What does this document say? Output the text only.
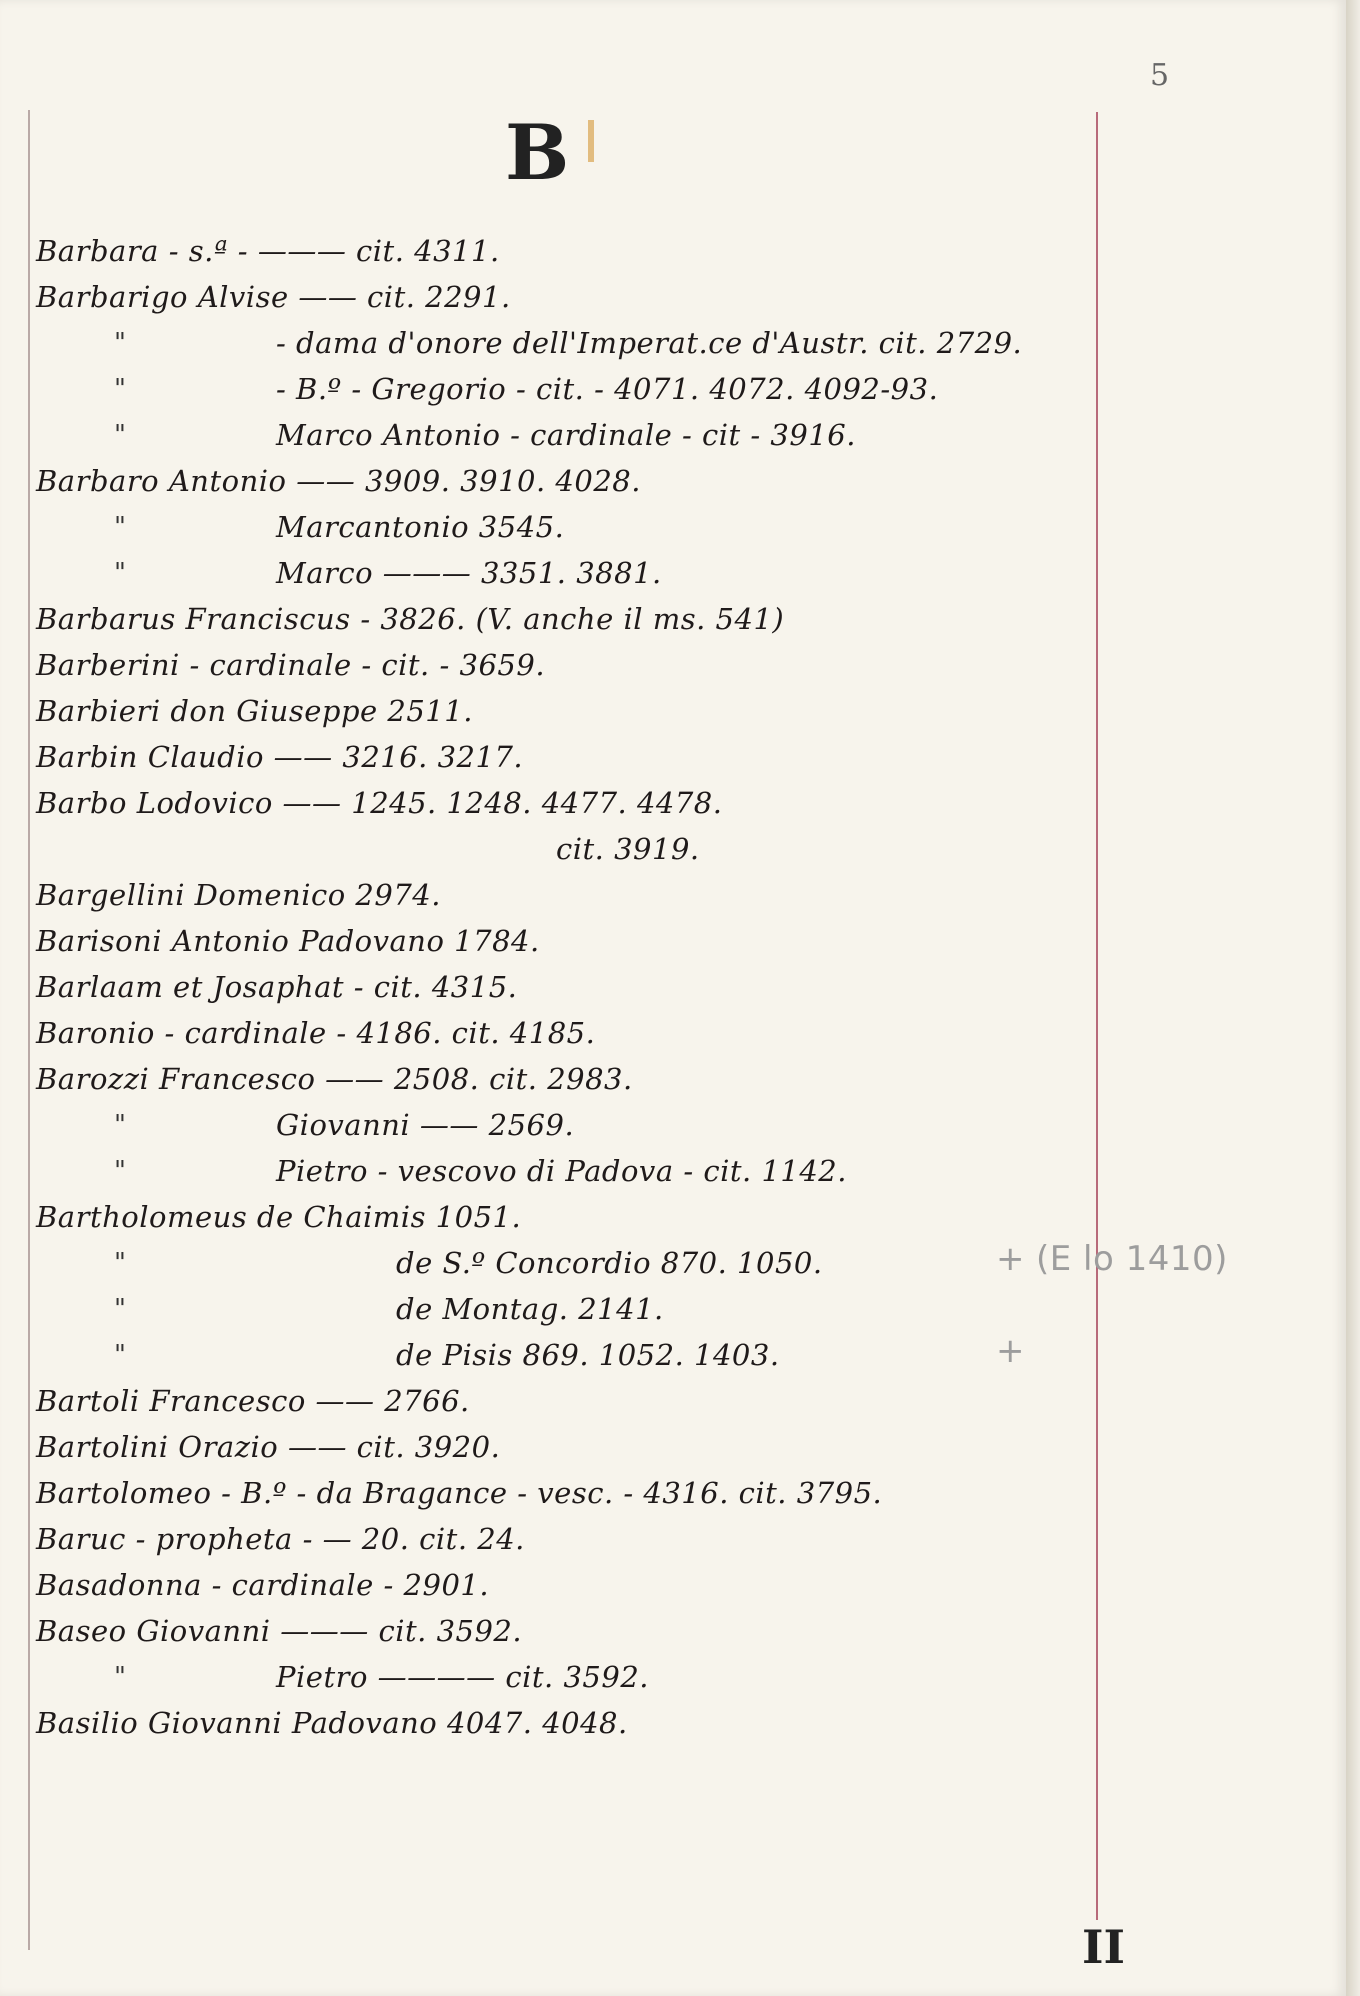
5
B
Barbara - s.ª - ——— cit. 4311.
Barbarigo Alvise —— cit. 2291.
"	- dama d'onore dell'Imperat.ce d'Austr. cit. 2729.
"	- B.º - Gregorio - cit. - 4071. 4072. 4092-93.
"	Marco Antonio - cardinale - cit - 3916.
Barbaro Antonio —— 3909. 3910. 4028.
"	Marcantonio 3545.
"	Marco ——— 3351. 3881.
Barbarus Franciscus - 3826. (V. anche il ms. 541)
Barberini - cardinale - cit. - 3659.
Barbieri don Giuseppe 2511.
Barbin Claudio —— 3216. 3217.
Barbo Lodovico —— 1245. 1248. 4477. 4478.
cit. 3919.
Bargellini Domenico 2974.
Barisoni Antonio Padovano 1784.
Barlaam et Josaphat - cit. 4315.
Baronio - cardinale - 4186. cit. 4185.
Barozzi Francesco —— 2508. cit. 2983.
"	Giovanni —— 2569.
"	Pietro - vescovo di Padova - cit. 1142.
Bartholomeus de Chaimis 1051.
"	de S.º Concordio 870. 1050.	+ (E lo 1410)
"	de Montag. 2141.
"	de Pisis 869. 1052. 1403.	+
Bartoli Francesco —— 2766.
Bartolini Orazio —— cit. 3920.
Bartolomeo - B.º - da Bragance - vesc. - 4316. cit. 3795.
Baruc - propheta - — 20. cit. 24.
Basadonna - cardinale - 2901.
Baseo Giovanni ——— cit. 3592.
"	Pietro ———— cit. 3592.
Basilio Giovanni Padovano 4047. 4048.
II
